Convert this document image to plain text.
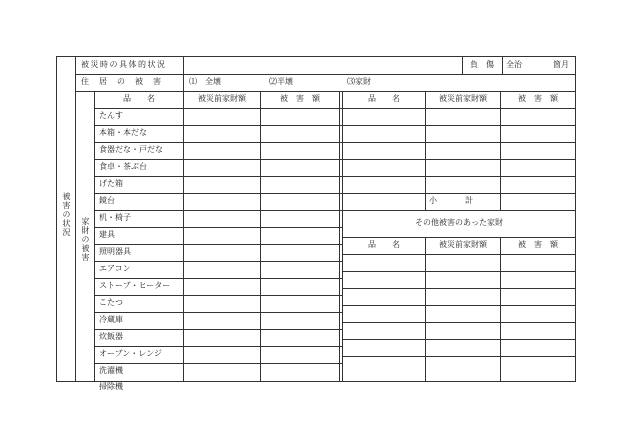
被害の状況
被災時の具体的状況	負　傷 全治	箇月
住　居　の　被　害	⑴　全壊	⑵半壊	⑶家財
家財の被害
品　　名	被災前家財額	被　害　額
たんす
本箱・本だな
食器だな・戸だな
食卓・茶ぶ台
げた箱
鏡台
机・椅子
建具
照明器具
エアコン
ストーブ・ヒーター
こたつ
冷蔵庫
炊飯器
オーブン・レンジ
洗濯機
掃除機
品　　名	被災前家財額	被　害　額
小　　　計
その他被害のあった家財
品　　名	被災前家財額	被　害　額
